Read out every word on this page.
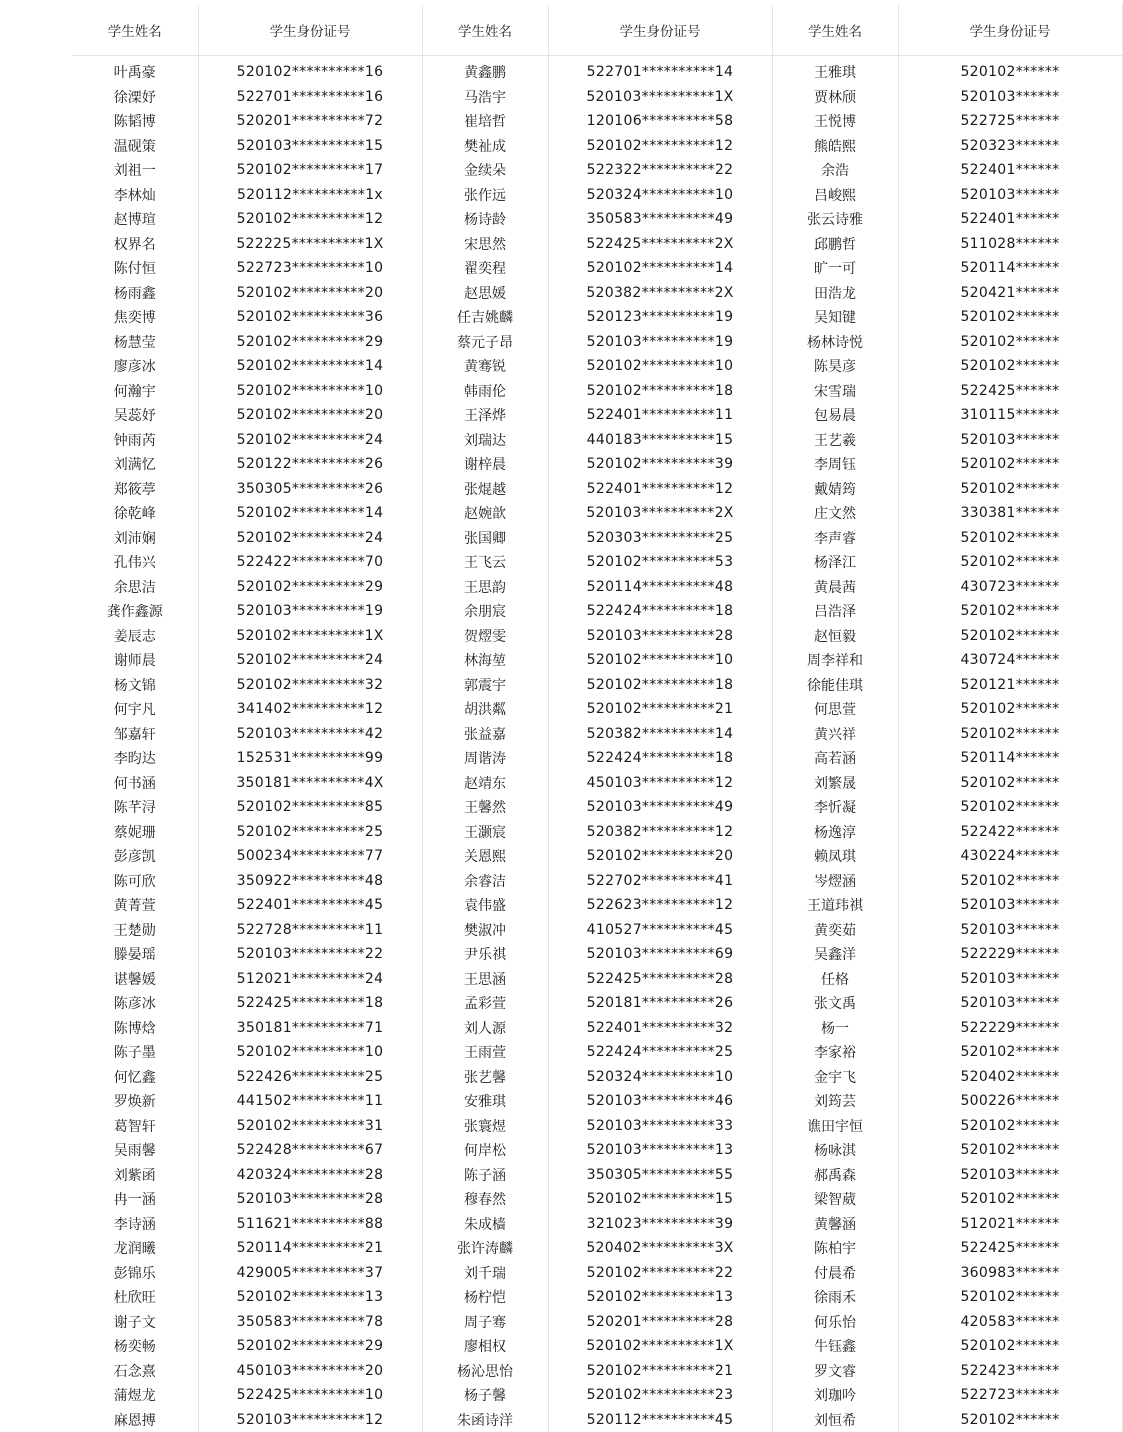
学生姓名	学生身份证号	学生姓名	学生身份证号	学生姓名	学生身份证号

叶禹豪	520102**********16	黄鑫鹏	522701**********14	王雅琪	520102******
徐溧妤	522701**********16	马浩宇	520103**********1X	贾林颀	520103******
陈韬博	520201**********72	崔培哲	120106**********58	王悦博	522725******
温砚策	520103**********15	樊祉成	520102**********12	熊皓熙	520323******
刘祖一	520102**********17	金续朵	522322**********22	余浩	522401******
李林灿	520112**********1x	张作远	520324**********10	吕峻熙	520103******
赵博瑄	520102**********12	杨诗龄	350583**********49	张云诗雅	522401******
权界名	522225**********1X	宋思然	522425**********2X	邱鹏哲	511028******
陈付恒	522723**********10	翟奕程	520102**********14	旷一可	520114******
杨雨鑫	520102**********20	赵思媛	520382**********2X	田浩龙	520421******
焦奕博	520102**********36	任吉姚麟	520123**********19	吴知键	520102******
杨慧莹	520102**********29	蔡元子昂	520103**********19	杨林诗悦	520102******
廖彦冰	520102**********14	黄骞锐	520102**********10	陈昊彦	520102******
何瀚宇	520102**********10	韩雨伦	520102**********18	宋雪瑞	522425******
吴蕊妤	520102**********20	王泽烨	522401**********11	包易晨	310115******
钟雨芮	520102**********24	刘瑞达	440183**********15	王艺羲	520103******
刘满忆	520122**********26	谢梓晨	520102**********39	李周钰	520102******
郑筱葶	350305**********26	张焜越	522401**********12	戴婧筠	520102******
徐乾峰	520102**********14	赵婉歆	520103**********2X	庄文然	330381******
刘沛娴	520102**********24	张国卿	520303**********25	李声睿	520102******
孔伟兴	522422**********70	王飞云	520102**********53	杨泽江	520102******
余思洁	520102**********29	王思韵	520114**********48	黄晨茜	430723******
龚作鑫源	520103**********19	余朋宸	522424**********18	吕浩泽	520102******
姜辰志	520102**********1X	贺熤雯	520103**********28	赵恒毅	520102******
谢师晨	520102**********24	林海堃	520102**********10	周李祥和	430724******
杨文锦	520102**********32	郭震宇	520102**********18	徐能佳琪	520121******
何宇凡	341402**********12	胡洪粼	520102**********21	何思萱	520102******
邹嘉轩	520103**********42	张益嘉	520382**********14	黄兴祥	520102******
李昀达	152531**********99	周谐涛	522424**********18	高若涵	520114******
何书涵	350181**********4X	赵靖东	450103**********12	刘繁晟	520102******
陈芊浔	520102**********85	王馨然	520103**********49	李忻凝	520102******
蔡妮珊	520102**********25	王灏宸	520382**********12	杨逸淳	522422******
彭彦凯	500234**********77	关恩熙	520102**********20	赖凤琪	430224******
陈可欣	350922**********48	余睿洁	522702**********41	岑熤涵	520102******
黄菁萱	522401**********45	袁伟盛	522623**********12	王道玮祺	520103******
王楚勋	522728**********11	樊淑冲	410527**********45	黄奕茹	520103******
滕晏瑶	520103**********22	尹乐祺	520103**********69	吴鑫洋	522229******
谌馨媛	512021**********24	王思涵	522425**********28	任格	520103******
陈彦冰	522425**********18	孟彩萱	520181**********26	张文禹	520103******
陈博焓	350181**********71	刘人源	522401**********32	杨一	522229******
陈子墨	520102**********10	王雨萱	522424**********25	李家裕	520102******
何忆鑫	522426**********25	张艺馨	520324**********10	金宇飞	520402******
罗焕新	441502**********11	安雅琪	520103**********46	刘筠芸	500226******
葛智轩	520102**********31	张寰煜	520103**********33	谯田宇恒	520102******
吴雨馨	522428**********67	何岸松	520103**********13	杨咏淇	520102******
刘紫函	420324**********28	陈子涵	350305**********55	郝禹森	520103******
冉一涵	520103**********28	穆春然	520102**********15	梁智葳	520102******
李诗涵	511621**********88	朱成樯	321023**********39	黄馨涵	512021******
龙润曦	520114**********21	张许涛麟	520402**********3X	陈柏宇	522425******
彭锦乐	429005**********37	刘千瑞	520102**********22	付晨希	360983******
杜欣旺	520102**********13	杨柠恺	520102**********13	徐雨禾	520102******
谢子文	350583**********78	周子骞	520201**********28	何乐怡	420583******
杨奕畅	520102**********29	廖相权	520102**********1X	牛钰鑫	520102******
石念熹	450103**********20	杨沁思怡	520102**********21	罗文睿	522423******
蒲煜龙	522425**********10	杨子馨	520102**********23	刘珈吟	522723******
麻恩搏	520103**********12	朱函诗洋	520112**********45	刘恒希	520102******
